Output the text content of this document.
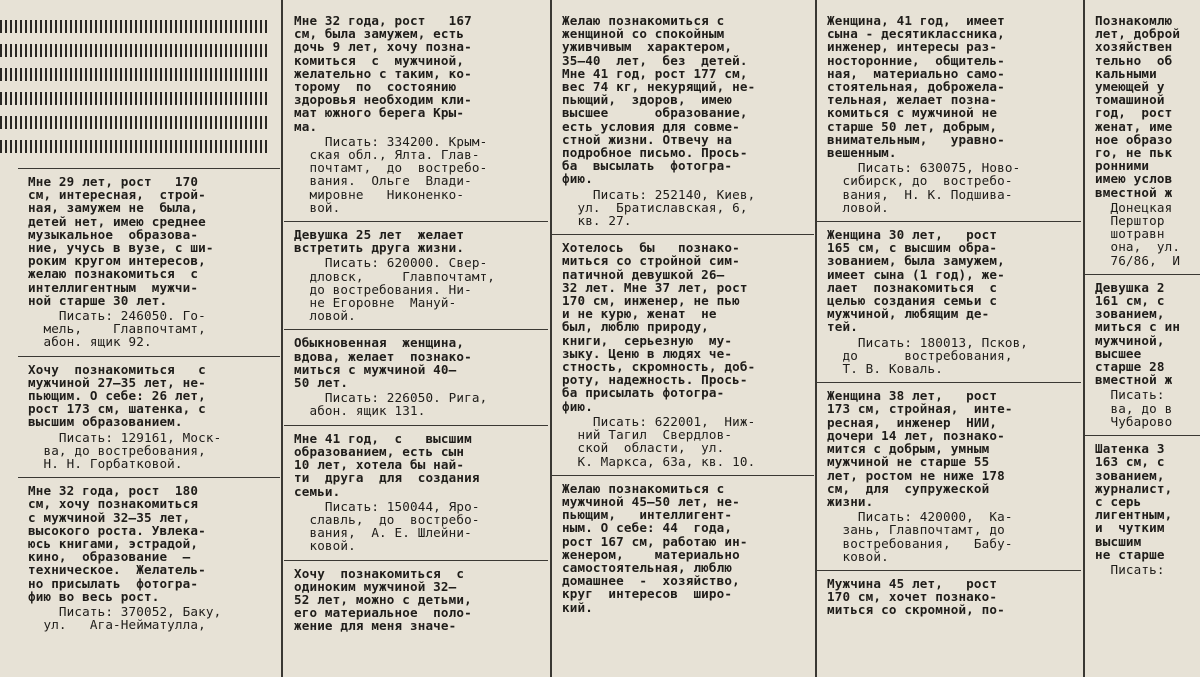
Мне 29 лет, рост   170
см, интересная,  строй-
ная, замужем не  была,
детей нет, имею среднее
музыкальное  образова-
ние, учусь в вузе, с ши-
роким кругом интересов,
желаю познакомиться  с
интеллигентным  мужчи-
ной старше 30 лет.
Писать: 246050. Го-
мель,    Главпочтамт,
абон. ящик 92.
Хочу  познакомиться   с
мужчиной 27—35 лет, не-
пьющим. О себе: 26 лет,
рост 173 см, шатенка, с
высшим образованием.
Писать: 129161, Моск-
ва, до востребования,
Н. Н. Горбатковой.
Мне 32 года, рост  180
см, хочу познакомиться
с мужчиной 32—35 лет,
высокого роста. Увлека-
юсь книгами, эстрадой,
кино,  образование  —
техническое.  Желатель-
но присылать  фотогра-
фию во весь рост.
Писать: 370052, Баку,
ул.   Ага-Нейматулла,
Мне 32 года, рост   167
см, была замужем, есть
дочь 9 лет, хочу позна-
комиться  с  мужчиной,
желательно с таким, ко-
торому  по  состоянию
здоровья необходим кли-
мат южного берега Кры-
ма.
Писать: 334200. Крым-
ская обл., Ялта. Глав-
почтамт,  до  востребо-
вания.  Ольге  Влади-
мировне   Никоненко-
вой.
Девушка 25 лет  желает
встретить друга жизни.
Писать: 620000. Свер-
дловск,     Главпочтамт,
до востребования. Ни-
не Егоровне  Мануй-
ловой.
Обыкновенная  женщина,
вдова, желает  познако-
миться с мужчиной 40—
50 лет.
Писать: 226050. Рига,
абон. ящик 131.
Мне 41 год,  с   высшим
образованием, есть сын
10 лет, хотела бы най-
ти  друга  для  создания
семьи.
Писать: 150044, Яро-
славль,  до  востребо-
вания,  А. Е. Шлейни-
ковой.
Хочу  познакомиться  с
одиноким мужчиной 32—
52 лет, можно с детьми,
его материальное  поло-
жение для меня значе-
Желаю познакомиться с
женщиной со спокойным
уживчивым  характером,
35—40  лет,  без  детей.
Мне 41 год, рост 177 см,
вес 74 кг, некурящий, не-
пьющий,  здоров,  имею
высшее      образование,
есть условия для совме-
стной жизни. Отвечу на
подробное письмо. Прось-
ба  высылать  фотогра-
фию.
Писать: 252140, Киев,
ул.  Братиславская, 6,
кв. 27.
Хотелось  бы   познако-
миться со стройной сим-
патичной девушкой 26—
32 лет. Мне 37 лет, рост
170 см, инженер, не пью
и не курю, женат  не
был, люблю природу,
книги,  серьезную  му-
зыку. Ценю в людях че-
стность, скромность, доб-
роту, надежность. Прось-
ба присылать фотогра-
фию.
Писать: 622001,  Ниж-
ний Тагил  Свердлов-
ской  области,  ул.
К. Маркса, 63а, кв. 10.
Желаю познакомиться с
мужчиной 45—50 лет, не-
пьющим,   интеллигент-
ным. О себе: 44  года,
рост 167 см, работаю ин-
женером,    материально
самостоятельная, люблю
домашнее  -  хозяйство,
круг  интересов  широ-
кий.
Женщина, 41 год,  имеет
сына - десятиклассника,
инженер, интересы раз-
носторонние,  общитель-
ная,  материально само-
стоятельная, доброжела-
тельная, желает позна-
комиться с мужчиной не
старше 50 лет, добрым,
внимательным,   уравно-
вешенным.
Писать: 630075, Ново-
сибирск, до  востребо-
вания,  Н. К. Подшива-
ловой.
Женщина 30 лет,   рост
165 см, с высшим обра-
зованием, была замужем,
имеет сына (1 год), же-
лает  познакомиться  с
целью создания семьи с
мужчиной, любящим де-
тей.
Писать: 180013, Псков,
до      востребования,
Т. В. Коваль.
Женщина 38 лет,   рост
173 см, стройная,  инте-
ресная,  инженер  НИИ,
дочери 14 лет, познако-
мится с добрым, умным
мужчиной не старше 55
лет, ростом не ниже 178
см,  для  супружеской
жизни.
Писать: 420000,  Ка-
зань, Главпочтамт, до
востребования,   Бабу-
ковой.
Мужчина 45 лет,   рост
170 см, хочет познако-
миться со скромной, по-
Познакомлю
лет, доброй
хозяйствен
тельно  об
кальными
умеющей у
томашиной
год,  рост
женат, име
ное образо
го, не пьк
ронними
имею услов
вместной ж
Донецкая
Перштор
шотравн
она,  ул.
76/86,  И
Девушка 2
161 см, с
зованием,
миться с ин
мужчиной,
высшее
старше 28
вместной ж
Писать:
ва, до в
Чубарово
Шатенка 3
163 см, с
зованием,
журналист,
с серь
лигентным,
и  чутким
высшим
не старше
Писать:
